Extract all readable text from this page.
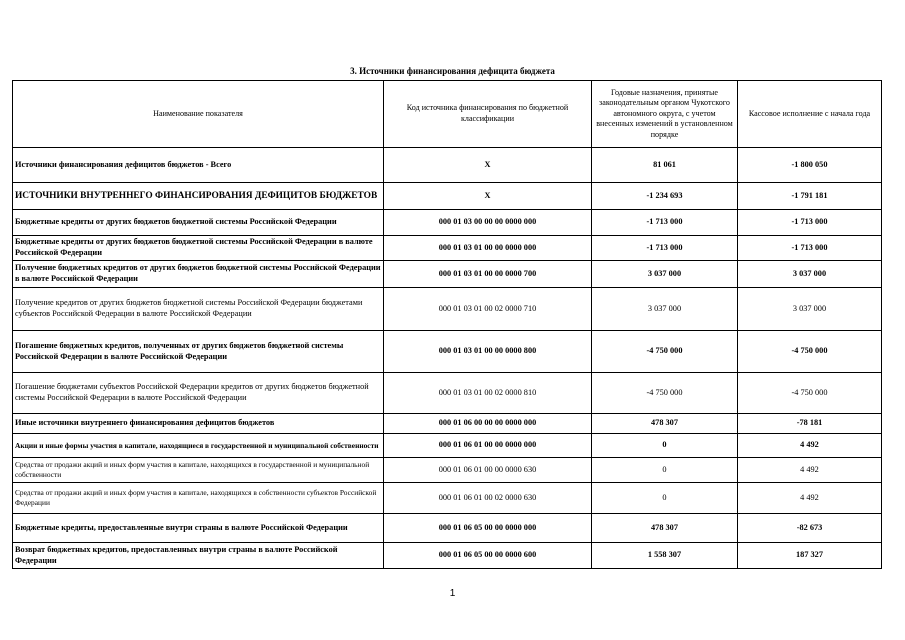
3. Источники финансирования дефицита бюджета
Наименование показателя	Код источника финансирования по бюджетной классификации	Годовые назначения, принятые законодательным органом Чукотского автономного округа, с учетом внесенных изменений в установленном порядке	Кассовое исполнение с начала года
Источники финансирования дефицитов бюджетов - Всего	Х	81 061	-1 800 050
ИСТОЧНИКИ ВНУТРЕННЕГО ФИНАНСИРОВАНИЯ ДЕФИЦИТОВ БЮДЖЕТОВ	Х	-1 234 693	-1 791 181
Бюджетные кредиты от других бюджетов бюджетной системы Российской Федерации	000 01 03 00 00 00 0000 000	-1 713 000	-1 713 000
Бюджетные кредиты от других бюджетов бюджетной системы Российской Федерации в валюте Российской Федерации	000 01 03 01 00 00 0000 000	-1 713 000	-1 713 000
Получение бюджетных кредитов от других бюджетов бюджетной системы Российской Федерации в валюте Российской Федерации	000 01 03 01 00 00 0000 700	3 037 000	3 037 000
Получение кредитов от других бюджетов бюджетной системы Российской Федерации бюджетами субъектов Российской Федерации в валюте Российской Федерации	000 01 03 01 00 02 0000 710	3 037 000	3 037 000
Погашение бюджетных кредитов, полученных от других бюджетов бюджетной системы Российской Федерации в валюте Российской Федерации	000 01 03 01 00 00 0000 800	-4 750 000	-4 750 000
Погашение бюджетами субъектов Российской Федерации кредитов от других бюджетов бюджетной системы Российской Федерации в валюте Российской Федерации	000 01 03 01 00 02 0000 810	-4 750 000	-4 750 000
Иные источники внутреннего финансирования дефицитов бюджетов	000 01 06 00 00 00 0000 000	478 307	-78 181
Акции и иные формы участия в капитале, находящиеся в государственной и муниципальной собственности	000 01 06 01 00 00 0000 000	0	4 492
Средства от продажи акций и иных форм участия в капитале, находящихся в государственной и муниципальной собственности	000 01 06 01 00 00 0000 630	0	4 492
Средства от продажи акций и иных форм участия в капитале, находящихся в собственности субъектов Российской Федерации	000 01 06 01 00 02 0000 630	0	4 492
Бюджетные кредиты, предоставленные внутри страны в валюте Российской Федерации	000 01 06 05 00 00 0000 000	478 307	-82 673
Возврат бюджетных кредитов, предоставленных внутри страны в валюте Российской Федерации	000 01 06 05 00 00 0000 600	1 558 307	187 327
1
